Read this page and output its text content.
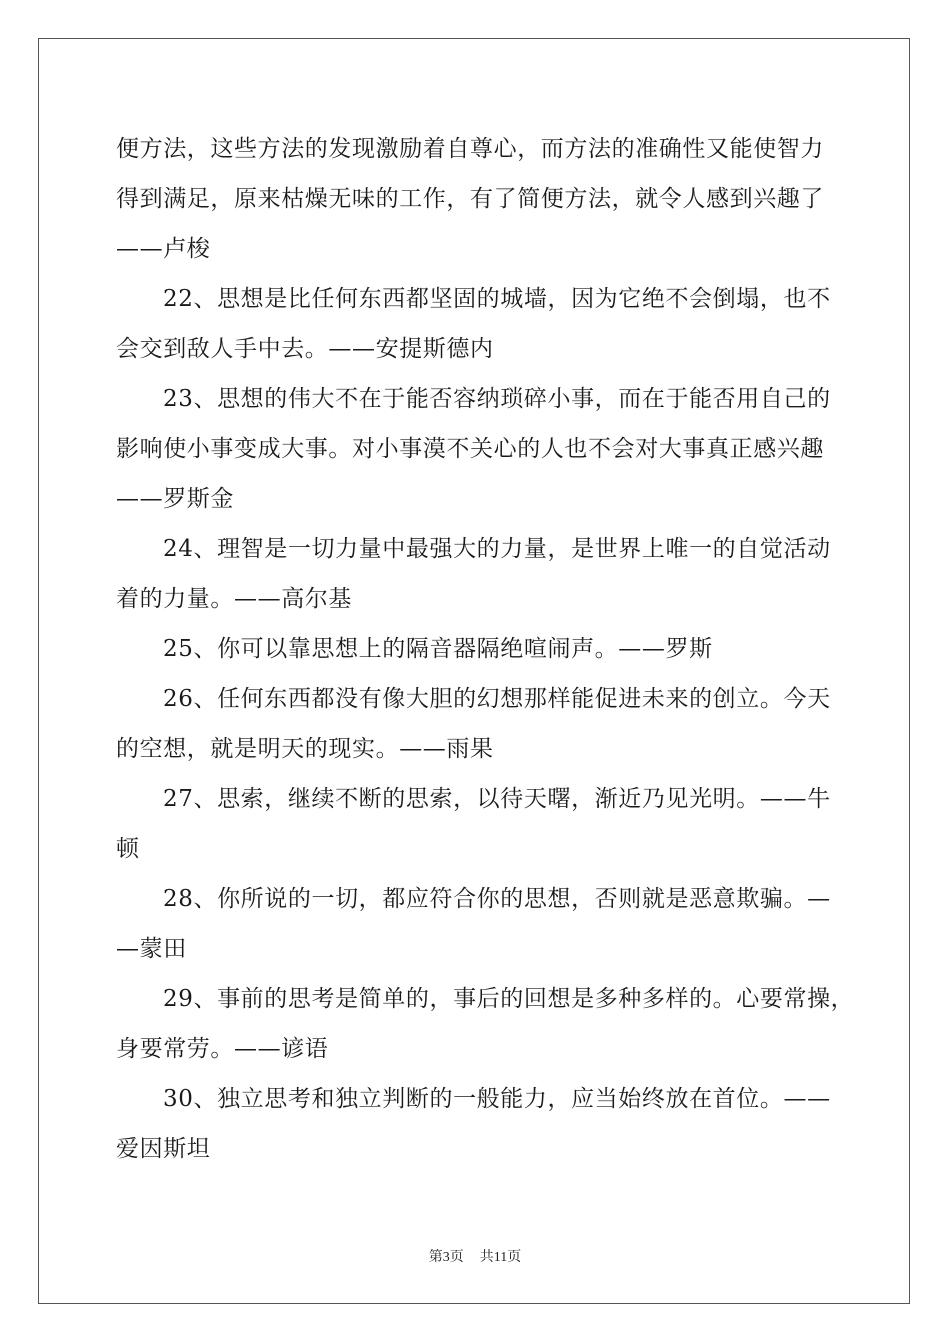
便方法，这些方法的发现激励着自尊心，而方法的准确性又能使智力
得到满足，原来枯燥无味的工作，有了简便方法，就令人感到兴趣了
——卢梭
22、思想是比任何东西都坚固的城墙，因为它绝不会倒塌，也不
会交到敌人手中去。——安提斯德内
23、思想的伟大不在于能否容纳琐碎小事，而在于能否用自己的
影响使小事变成大事。对小事漠不关心的人也不会对大事真正感兴趣
——罗斯金
24、理智是一切力量中最强大的力量，是世界上唯一的自觉活动
着的力量。——高尔基
25、你可以靠思想上的隔音器隔绝喧闹声。——罗斯
26、任何东西都没有像大胆的幻想那样能促进未来的创立。今天
的空想，就是明天的现实。——雨果
27、思索，继续不断的思索，以待天曙，渐近乃见光明。——牛
顿
28、你所说的一切，都应符合你的思想，否则就是恶意欺骗。—
—蒙田
29、事前的思考是简单的，事后的回想是多种多样的。心要常操，
身要常劳。——谚语
30、独立思考和独立判断的一般能力，应当始终放在首位。——
爱因斯坦
第3页 共11页
